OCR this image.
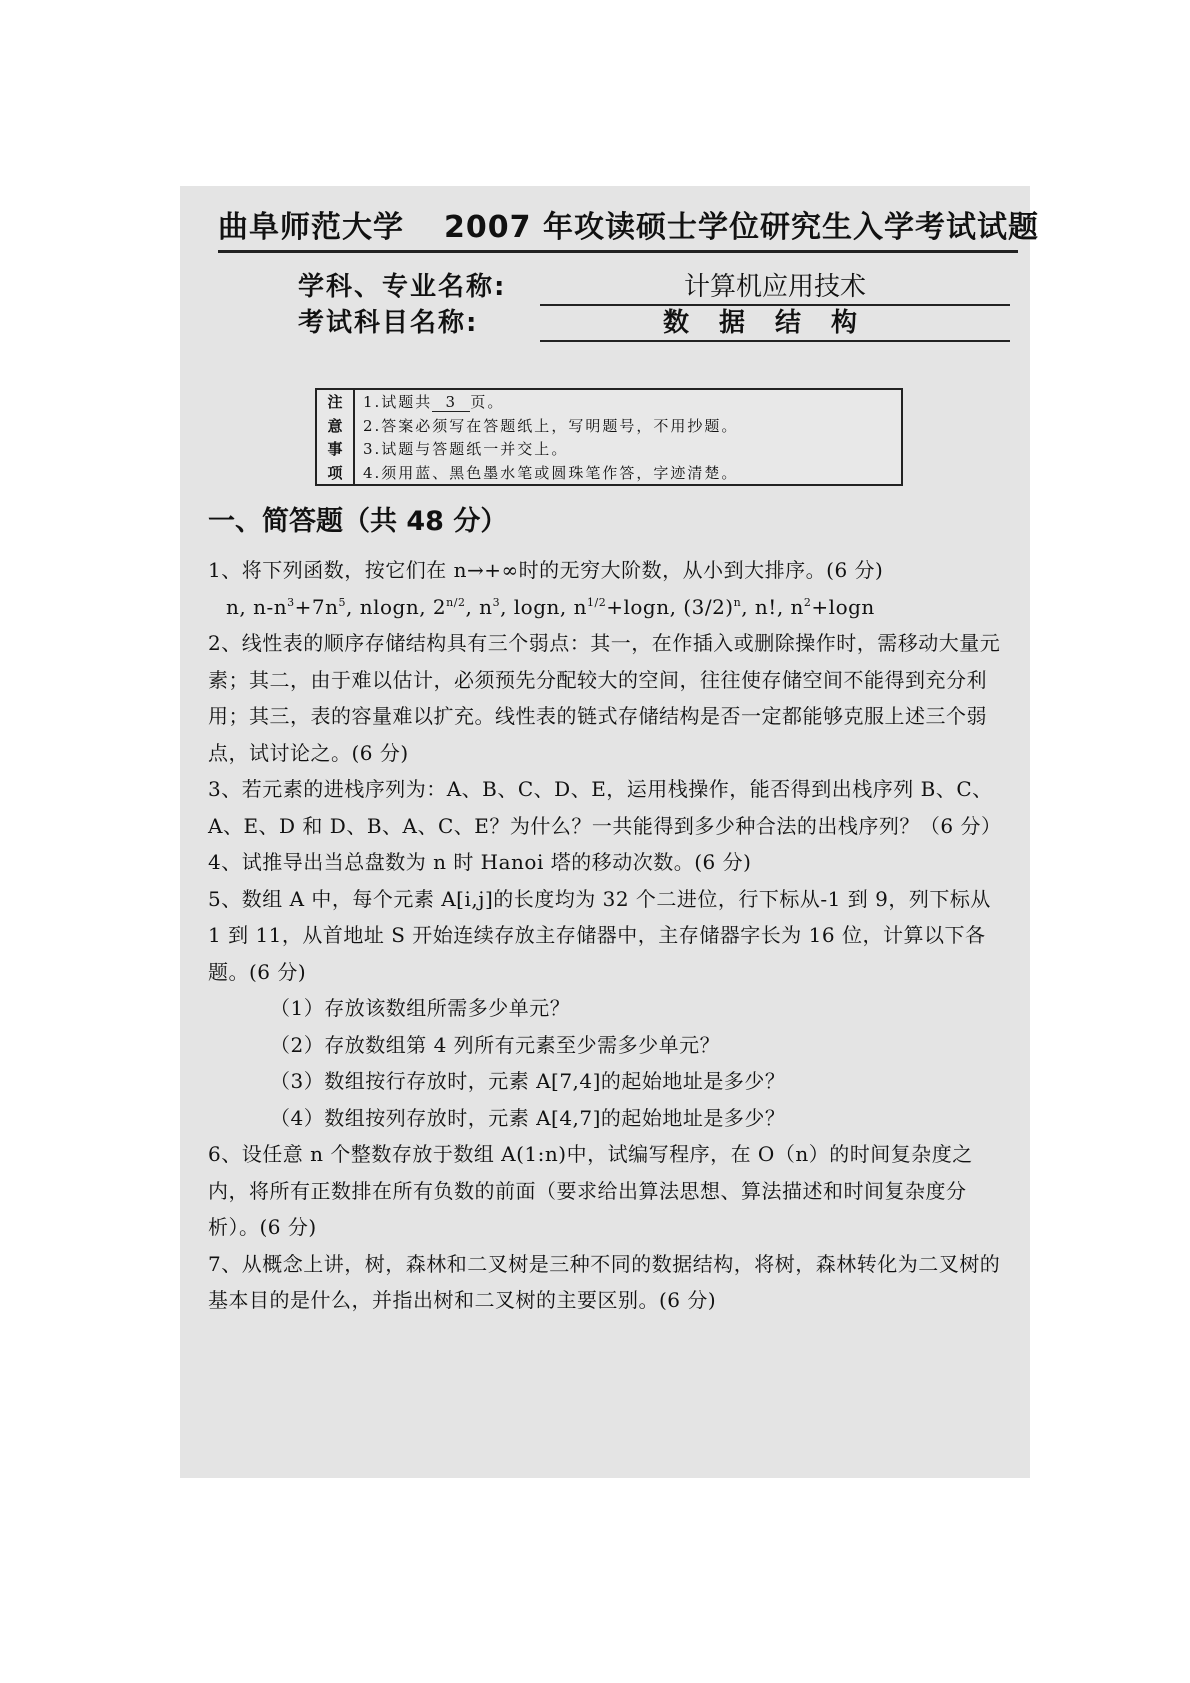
曲阜师范大学 2007 年攻读硕士学位研究生入学考试试题
学科、专业名称:	计算机应用技术
考试科目名称:	数据结构
注
意
事
项
1.试题共 3 页。
2.答案必须写在答题纸上，写明题号，不用抄题。
3.试题与答题纸一并交上。
4.须用蓝、黑色墨水笔或圆珠笔作答，字迹清楚。
一、简答题（共 48 分）

1、将下列函数，按它们在 n→+∞时的无穷大阶数，从小到大排序。(6 分)

n, $n-n^3+7n^5$, nlogn, $2^{n/2}$, $n^3$, logn, $n^{1/2}+\log n$, $(3/2)^n$, n!, $n^2+\log n$

2、线性表的顺序存储结构具有三个弱点：其一，在作插入或删除操作时，需移动大量元素；其二，由于难以估计，必须预先分配较大的空间，往往使存储空间不能得到充分利用；其三，表的容量难以扩充。线性表的链式存储结构是否一定都能够克服上述三个弱点，试讨论之。(6 分)

3、若元素的进栈序列为：A、B、C、D、E，运用栈操作，能否得到出栈序列 B、C、A、E、D 和 D、B、A、C、E？为什么？一共能得到多少种合法的出栈序列？（6 分）

4、试推导出当总盘数为 n 时 Hanoi 塔的移动次数。(6 分)

5、数组 A 中，每个元素 A[i,j]的长度均为 32 个二进位，行下标从-1 到 9，列下标从 1 到 11，从首地址 S 开始连续存放主存储器中，主存储器字长为 16 位，计算以下各题。(6 分)

（1）存放该数组所需多少单元？

（2）存放数组第 4 列所有元素至少需多少单元？

（3）数组按行存放时，元素 A[7,4]的起始地址是多少？

（4）数组按列存放时，元素 A[4,7]的起始地址是多少？

6、设任意 n 个整数存放于数组 A(1:n)中，试编写程序，在 O（n）的时间复杂度之内，将所有正数排在所有负数的前面（要求给出算法思想、算法描述和时间复杂度分析）。(6 分)

7、从概念上讲，树，森林和二叉树是三种不同的数据结构，将树，森林转化为二叉树的基本目的是什么，并指出树和二叉树的主要区别。(6 分)
